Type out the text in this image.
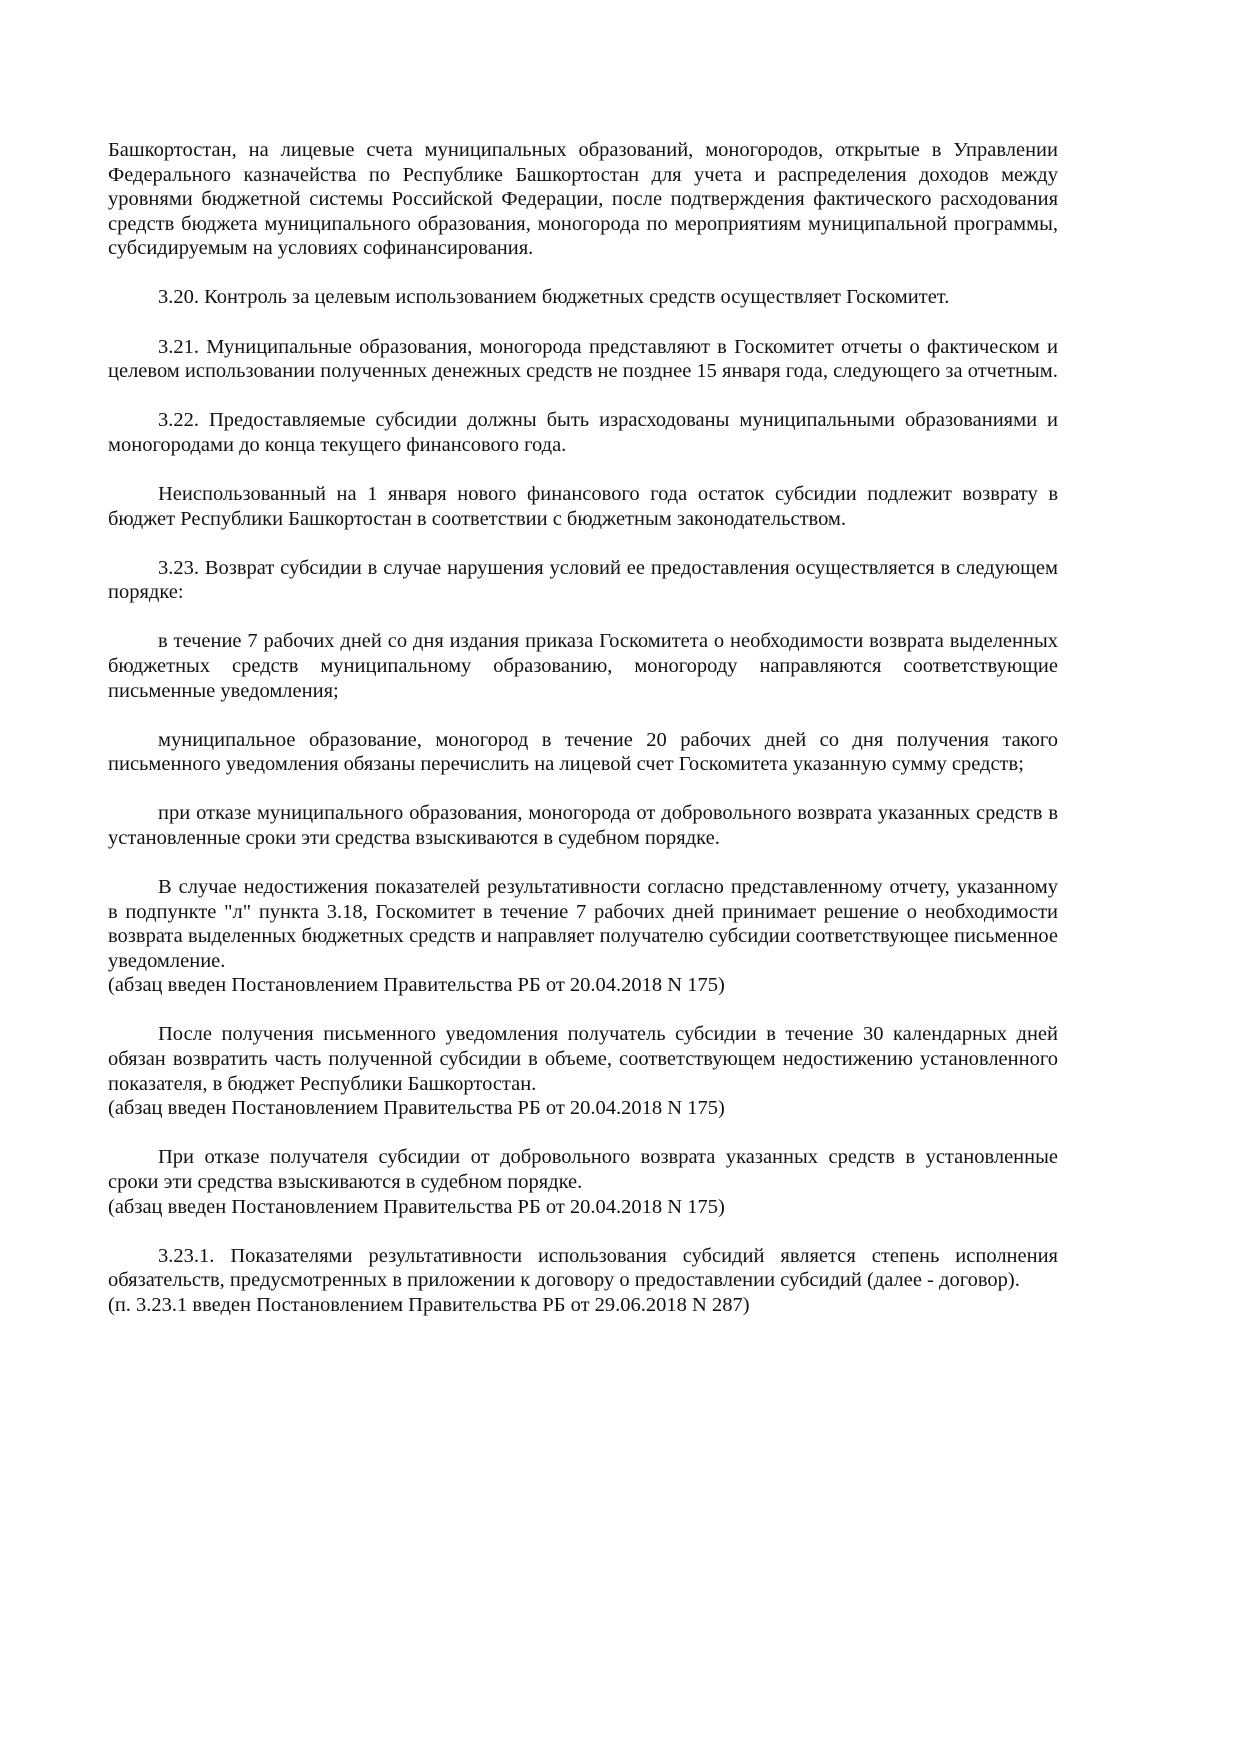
Башкортостан, на лицевые счета муниципальных образований, моногородов, открытые в Управлении Федерального казначейства по Республике Башкортостан для учета и распределения доходов между уровнями бюджетной системы Российской Федерации, после подтверждения фактического расходования средств бюджета муниципального образования, моногорода по мероприятиям муниципальной программы, субсидируемым на условиях софинансирования.

3.20. Контроль за целевым использованием бюджетных средств осуществляет Госкомитет.

3.21. Муниципальные образования, моногорода представляют в Госкомитет отчеты о фактическом и целевом использовании полученных денежных средств не позднее 15 января года, следующего за отчетным.

3.22. Предоставляемые субсидии должны быть израсходованы муниципальными образованиями и моногородами до конца текущего финансового года.

Неиспользованный на 1 января нового финансового года остаток субсидии подлежит возврату в бюджет Республики Башкортостан в соответствии с бюджетным законодательством.

3.23. Возврат субсидии в случае нарушения условий ее предоставления осуществляется в следующем порядке:

в течение 7 рабочих дней со дня издания приказа Госкомитета о необходимости возврата выделенных бюджетных средств муниципальному образованию, моногороду направляются соответствующие письменные уведомления;

муниципальное образование, моногород в течение 20 рабочих дней со дня получения такого письменного уведомления обязаны перечислить на лицевой счет Госкомитета указанную сумму средств;

при отказе муниципального образования, моногорода от добровольного возврата указанных средств в установленные сроки эти средства взыскиваются в судебном порядке.

В случае недостижения показателей результативности согласно представленному отчету, указанному в подпункте "л" пункта 3.18, Госкомитет в течение 7 рабочих дней принимает решение о необходимости возврата выделенных бюджетных средств и направляет получателю субсидии соответствующее письменное уведомление.

(абзац введен Постановлением Правительства РБ от 20.04.2018 N 175)

После получения письменного уведомления получатель субсидии в течение 30 календарных дней обязан возвратить часть полученной субсидии в объеме, соответствующем недостижению установленного показателя, в бюджет Республики Башкортостан.

(абзац введен Постановлением Правительства РБ от 20.04.2018 N 175)

При отказе получателя субсидии от добровольного возврата указанных средств в установленные сроки эти средства взыскиваются в судебном порядке.

(абзац введен Постановлением Правительства РБ от 20.04.2018 N 175)

3.23.1. Показателями результативности использования субсидий является степень исполнения обязательств, предусмотренных в приложении к договору о предоставлении субсидий (далее - договор).

(п. 3.23.1 введен Постановлением Правительства РБ от 29.06.2018 N 287)
